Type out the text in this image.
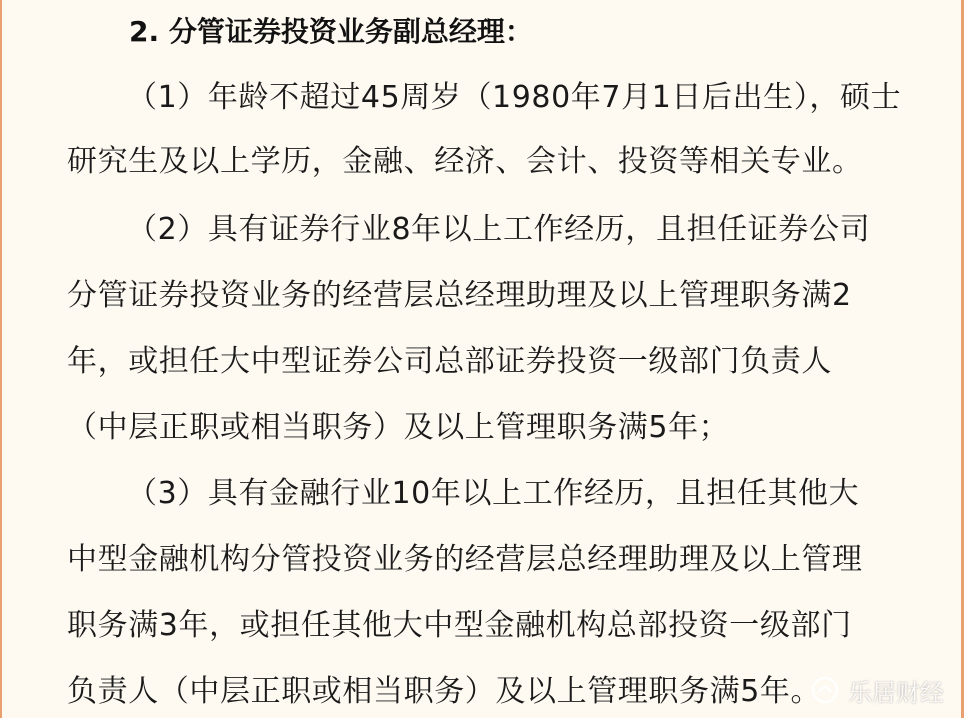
2. 分管证券投资业务副总经理：
（1）年龄不超过45周岁（1980年7月1日后出生），硕士
研究生及以上学历，金融、经济、会计、投资等相关专业。
（2）具有证券行业8年以上工作经历，且担任证券公司
分管证券投资业务的经营层总经理助理及以上管理职务满2
年，或担任大中型证券公司总部证券投资一级部门负责人
（中层正职或相当职务）及以上管理职务满5年；
（3）具有金融行业10年以上工作经历，且担任其他大
中型金融机构分管投资业务的经营层总经理助理及以上管理
职务满3年，或担任其他大中型金融机构总部投资一级部门
负责人（中层正职或相当职务）及以上管理职务满5年。 乐居财经
